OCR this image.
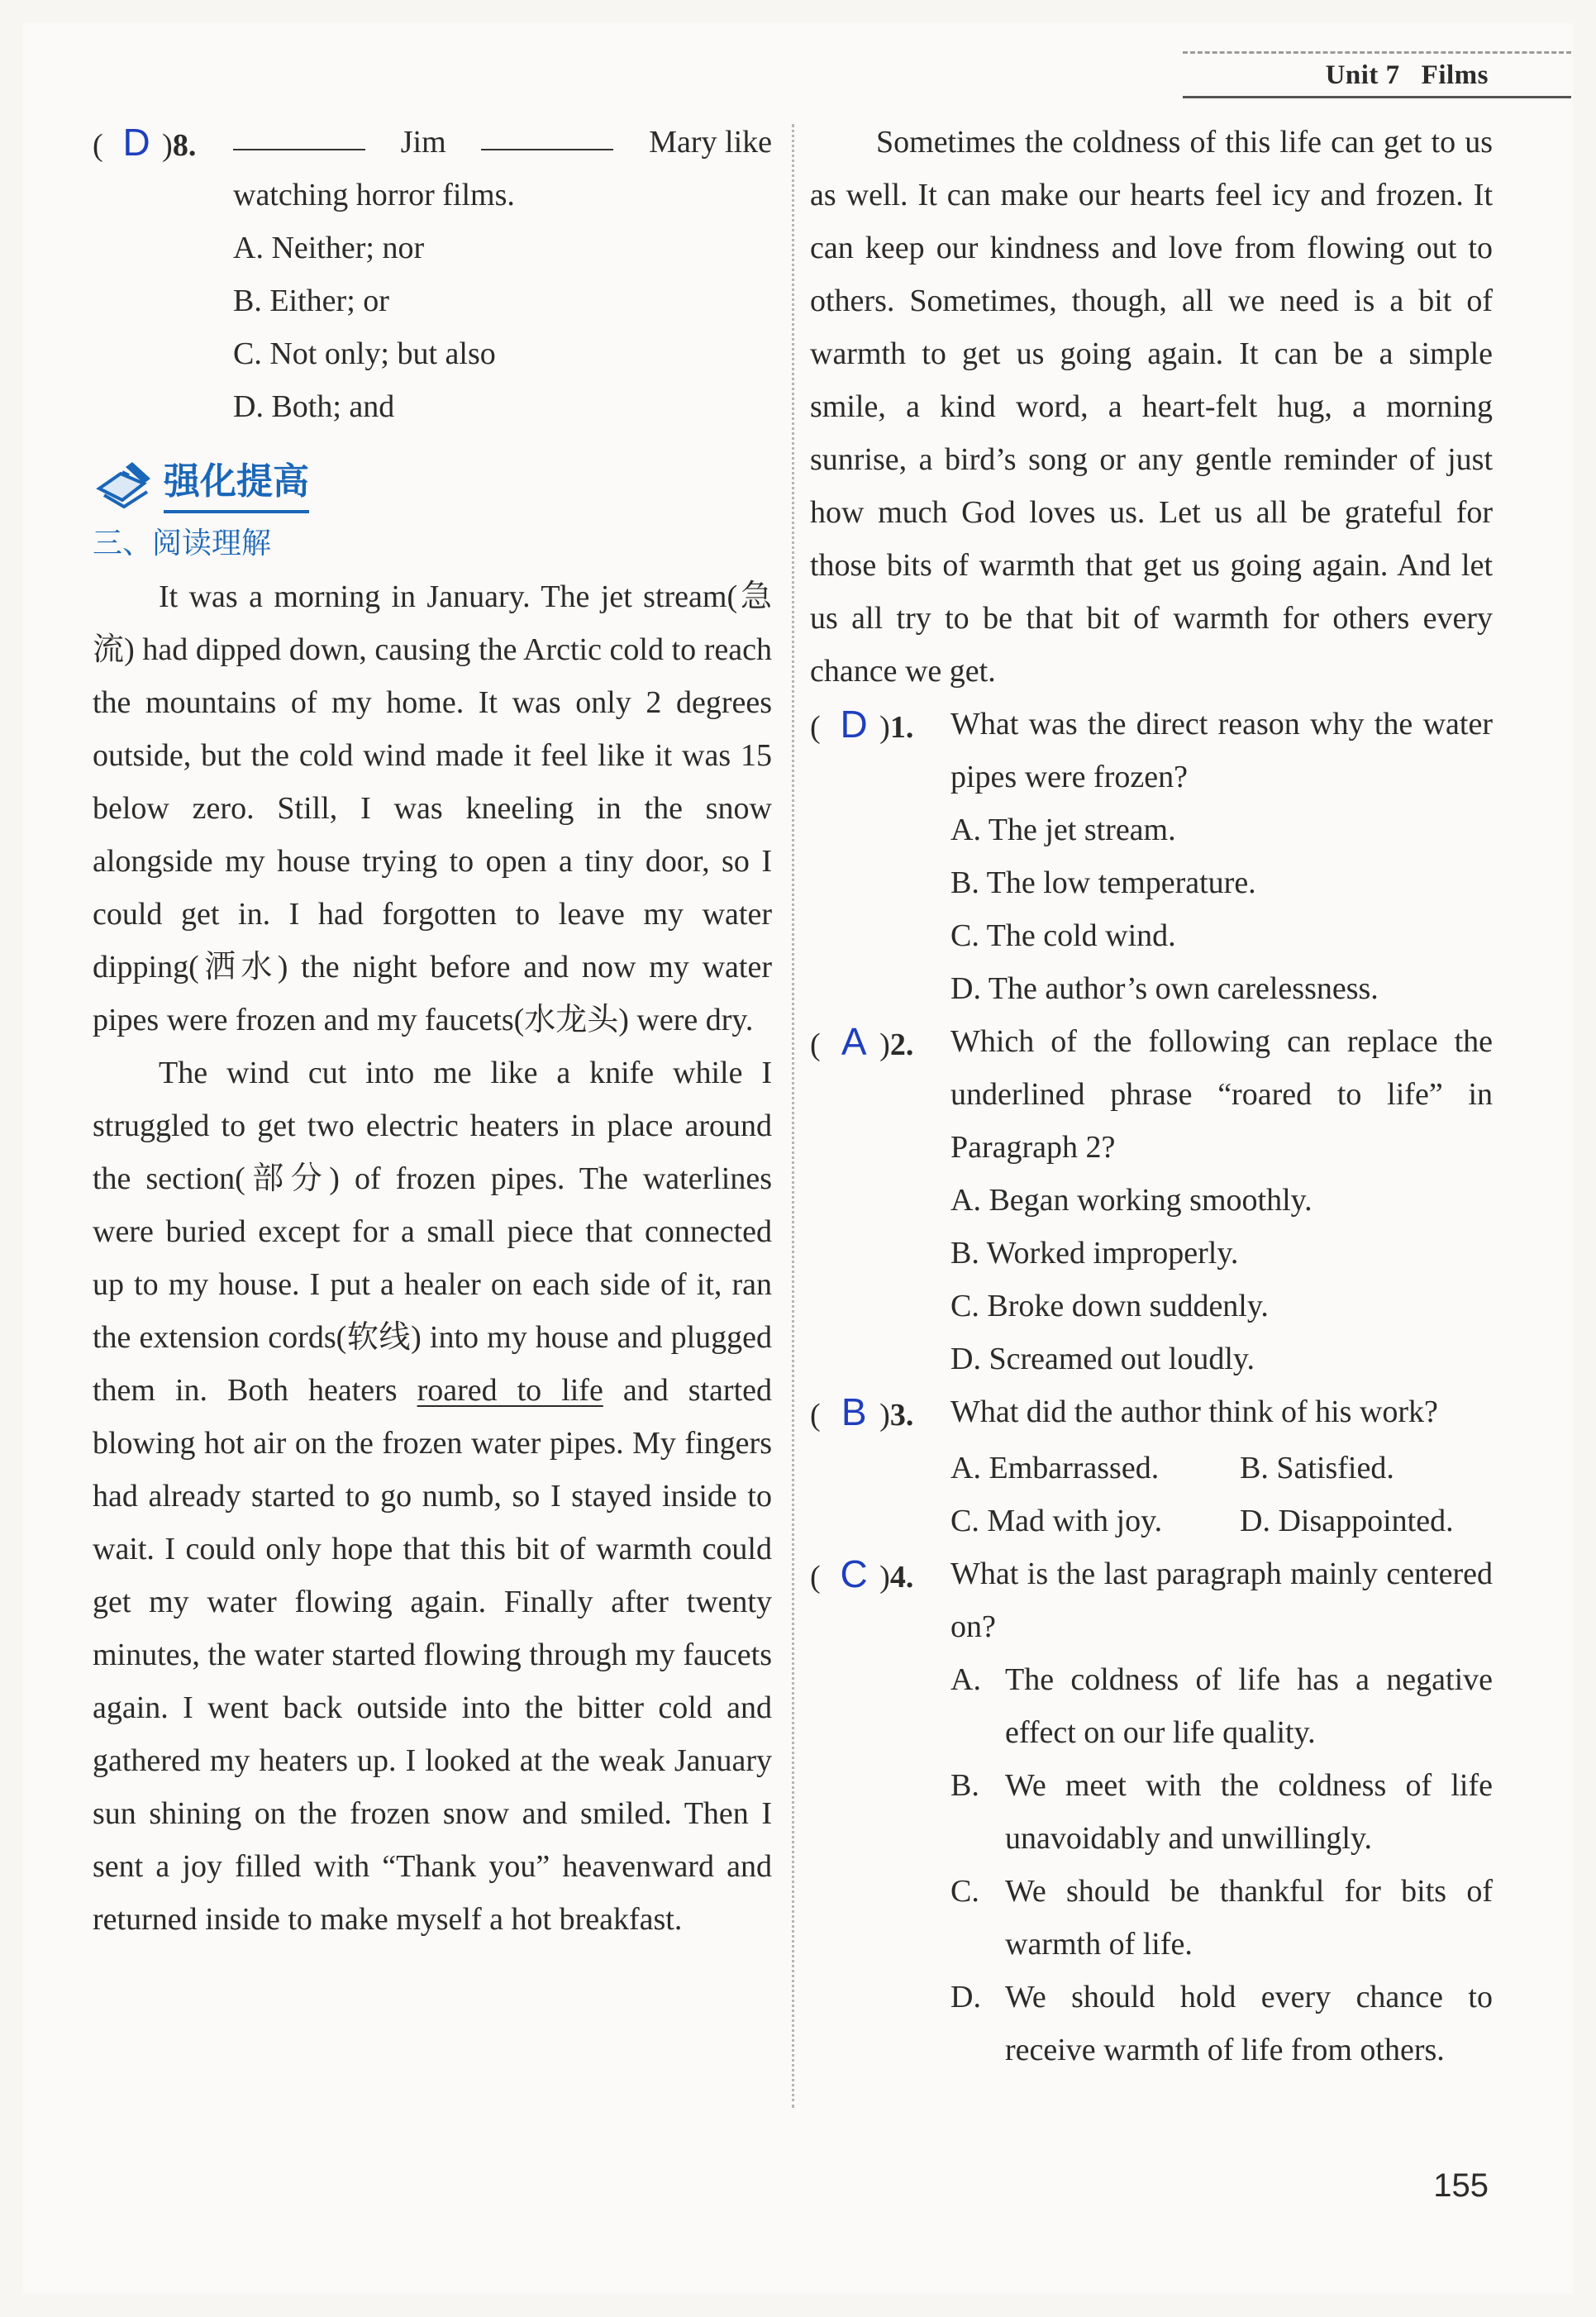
Unit 7 Films
( D )8.	Jim	Mary like

watching horror films.

A. Neither; nor

B. Either; or

C. Not only; but also

D. Both; and

强化提高
三、阅读理解

It was a morning in January. The jet stream(急流) had dipped down, causing the Arctic cold to reach the mountains of my home. It was only 2 degrees outside, but the cold wind made it feel like it was 15 below zero. Still, I was kneeling in the snow alongside my house trying to open a tiny door, so I could get in. I had forgotten to leave my water dipping(洒水) the night before and now my water pipes were frozen and my faucets(水龙头) were dry.

The wind cut into me like a knife while I struggled to get two electric heaters in place around the section(部分) of frozen pipes. The waterlines were buried except for a small piece that connected up to my house. I put a healer on each side of it, ran the extension cords(软线) into my house and plugged them in. Both heaters roared to life and started blowing hot air on the frozen water pipes. My fingers had already started to go numb, so I stayed inside to wait. I could only hope that this bit of warmth could get my water flowing again. Finally after twenty minutes, the water started flowing through my faucets again. I went back outside into the bitter cold and gathered my heaters up. I looked at the weak January sun shining on the frozen snow and smiled. Then I sent a joy filled with “Thank you” heavenward and returned inside to make myself a hot breakfast.

Sometimes the coldness of this life can get to us as well. It can make our hearts feel icy and frozen. It can keep our kindness and love from flowing out to others. Sometimes, though, all we need is a bit of warmth to get us going again. It can be a simple smile, a kind word, a heart-felt hug, a morning sunrise, a bird’s song or any gentle reminder of just how much God loves us. Let us all be grateful for those bits of warmth that get us going again. And let us all try to be that bit of warmth for others every chance we get.

( D )1.	What was the direct reason why the water pipes were frozen?

A. The jet stream.

B. The low temperature.

C. The cold wind.

D. The author’s own carelessness.

( A )2.	Which of the following can replace the underlined phrase “roared to life” in Paragraph 2?

A. Began working smoothly.

B. Worked improperly.

C. Broke down suddenly.

D. Screamed out loudly.

( B )3.	What did the author think of his work?

A. Embarrassed.	B. Satisfied.

C. Mad with joy.	D. Disappointed.

( C )4.	What is the last paragraph mainly centered on?

A. The coldness of life has a negative effect on our life quality.

B. We meet with the coldness of life unavoidably and unwillingly.

C. We should be thankful for bits of warmth of life.

D. We should hold every chance to receive warmth of life from others.

155
